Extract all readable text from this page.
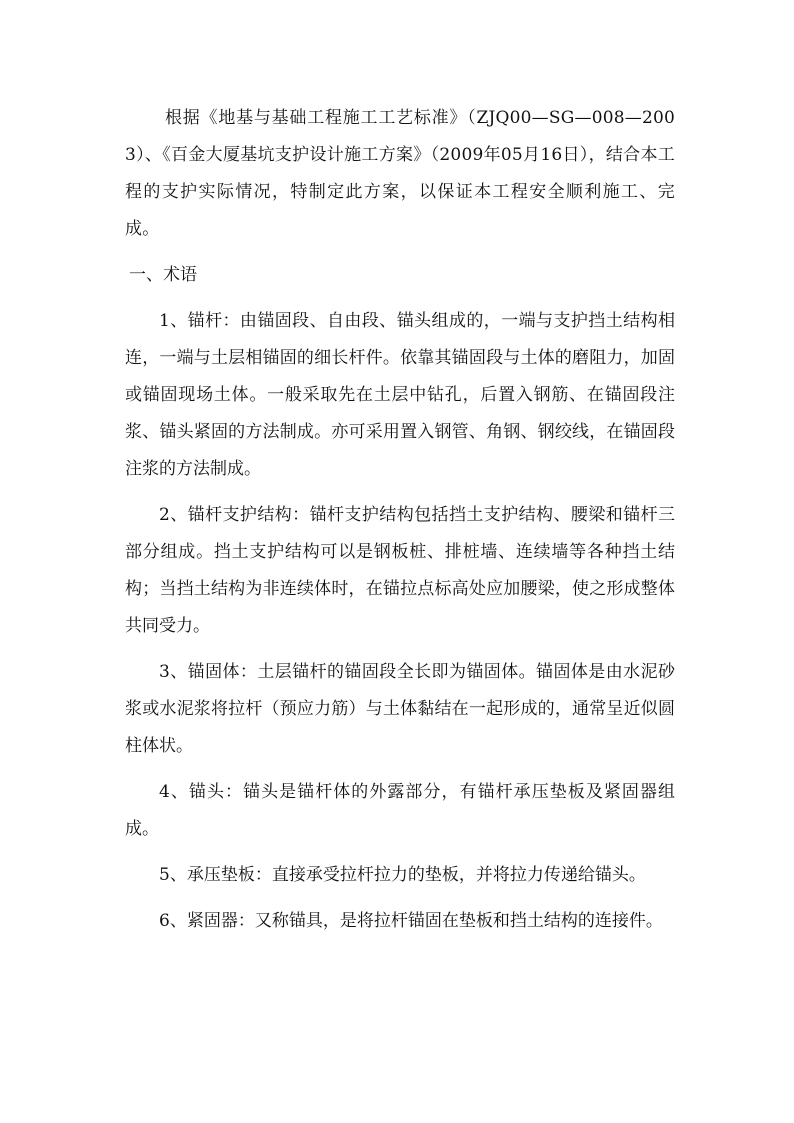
根据《地基与基础工程施工工艺标准》（ZJQ00—SG—008—2003）、《百金大厦基坑支护设计施工方案》（2009年05月16日），结合本工程的支护实际情况，特制定此方案，以保证本工程安全顺利施工、完成。

一、术语

1、锚杆：由锚固段、自由段、锚头组成的，一端与支护挡土结构相连，一端与土层相锚固的细长杆件。依靠其锚固段与土体的磨阻力，加固或锚固现场土体。一般采取先在土层中钻孔，后置入钢筋、在锚固段注浆、锚头紧固的方法制成。亦可采用置入钢管、角钢、钢绞线，在锚固段注浆的方法制成。

2、锚杆支护结构：锚杆支护结构包括挡土支护结构、腰梁和锚杆三部分组成。挡土支护结构可以是钢板桩、排桩墙、连续墙等各种挡土结构；当挡土结构为非连续体时，在锚拉点标高处应加腰梁，使之形成整体共同受力。

3、锚固体：土层锚杆的锚固段全长即为锚固体。锚固体是由水泥砂浆或水泥浆将拉杆（预应力筋）与土体黏结在一起形成的，通常呈近似圆柱体状。

4、锚头：锚头是锚杆体的外露部分，有锚杆承压垫板及紧固器组成。

5、承压垫板：直接承受拉杆拉力的垫板，并将拉力传递给锚头。

6、紧固器：又称锚具，是将拉杆锚固在垫板和挡土结构的连接件。
